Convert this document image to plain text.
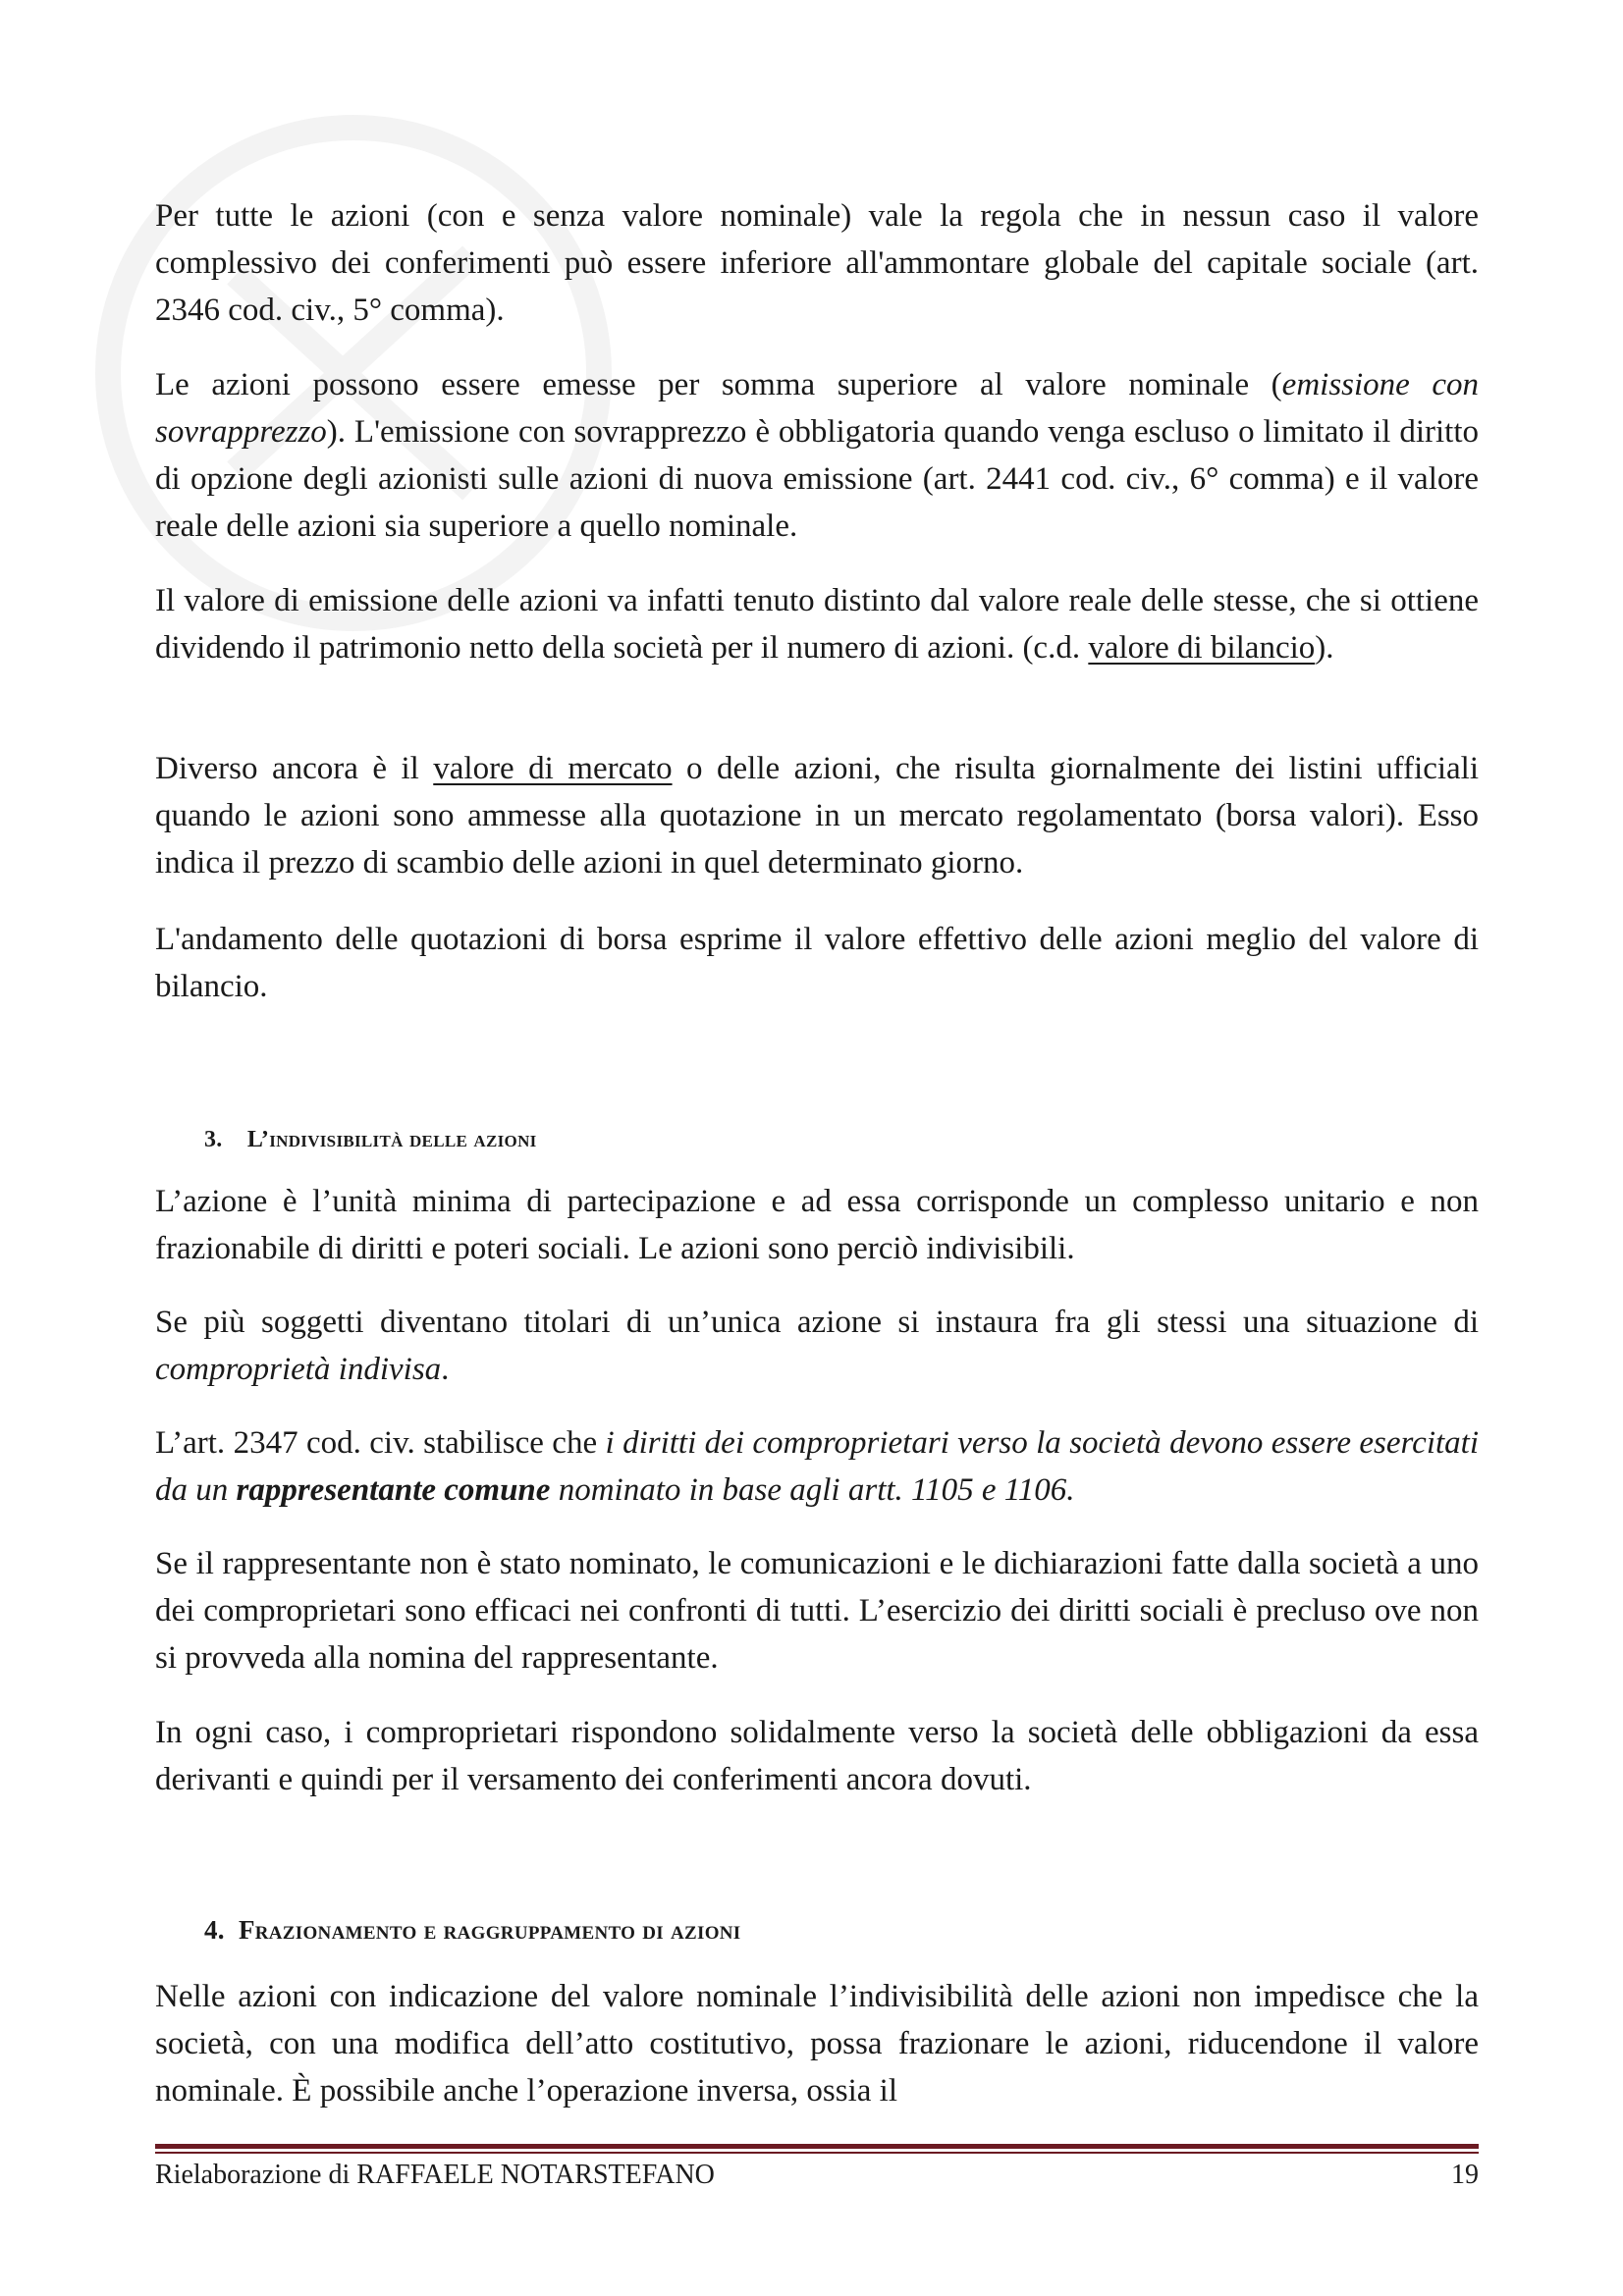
Per tutte le azioni (con e senza valore nominale) vale la regola che in nessun caso il valore complessivo dei conferimenti può essere inferiore all'ammontare globale del capitale sociale (art. 2346 cod. civ., 5° comma).

Le azioni possono essere emesse per somma superiore al valore nominale (emissione con sovrapprezzo). L'emissione con sovrapprezzo è obbligatoria quando venga escluso o limitato il diritto di opzione degli azionisti sulle azioni di nuova emissione (art. 2441 cod. civ., 6° comma) e il valore reale delle azioni sia superiore a quello nominale.

Il valore di emissione delle azioni va infatti tenuto distinto dal valore reale delle stesse, che si ottiene dividendo il patrimonio netto della società per il numero di azioni. (c.d. valore di bilancio).

Diverso ancora è il valore di mercato o delle azioni, che risulta giornalmente dei listini ufficiali quando le azioni sono ammesse alla quotazione in un mercato regolamentato (borsa valori). Esso indica il prezzo di scambio delle azioni in quel determinato giorno.

L'andamento delle quotazioni di borsa esprime il valore effettivo delle azioni meglio del valore di bilancio.

3. L’indivisibilità delle azioni

L’azione è l’unità minima di partecipazione e ad essa corrisponde un complesso unitario e non frazionabile di diritti e poteri sociali. Le azioni sono perciò indivisibili.

Se più soggetti diventano titolari di un’unica azione si instaura fra gli stessi una situazione di comproprietà indivisa.

L’art. 2347 cod. civ. stabilisce che i diritti dei comproprietari verso la società devono essere esercitati da un rappresentante comune nominato in base agli artt. 1105 e 1106.

Se il rappresentante non è stato nominato, le comunicazioni e le dichiarazioni fatte dalla società a uno dei comproprietari sono efficaci nei confronti di tutti. L’esercizio dei diritti sociali è precluso ove non si provveda alla nomina del rappresentante.

In ogni caso, i comproprietari rispondono solidalmente verso la società delle obbligazioni da essa derivanti e quindi per il versamento dei conferimenti ancora dovuti.

4. Frazionamento e raggruppamento di azioni

Nelle azioni con indicazione del valore nominale l’indivisibilità delle azioni non impedisce che la società, con una modifica dell’atto costitutivo, possa frazionare le azioni, riducendone il valore nominale. È possibile anche l’operazione inversa, ossia il

Rielaborazione di RAFFAELE NOTARSTEFANO	19
